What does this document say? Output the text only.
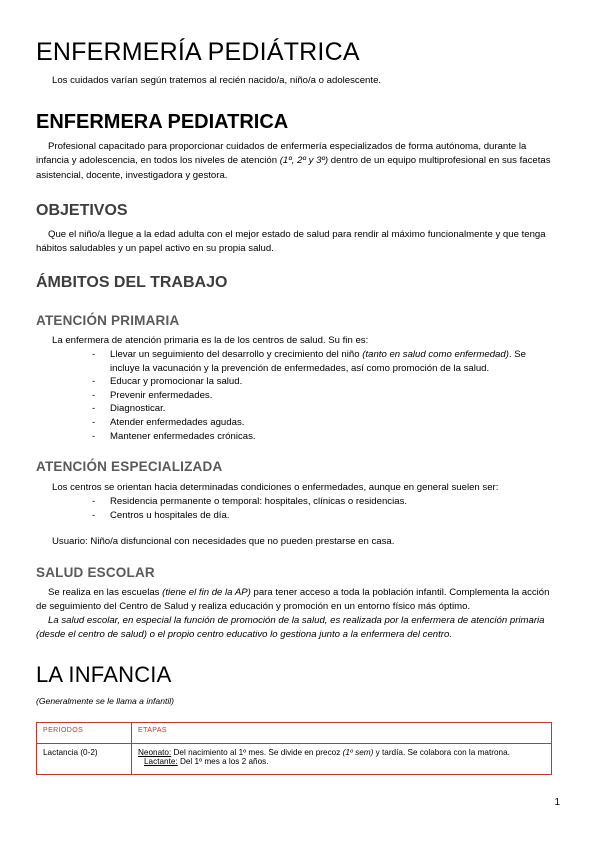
ENFERMERÍA PEDIÁTRICA

Los cuidados varían según tratemos al recién nacido/a, niño/a o adolescente.

ENFERMERA PEDIATRICA

Profesional capacitado para proporcionar cuidados de enfermería especializados de forma autónoma, durante la infancia y adolescencia, en todos los niveles de atención (1º, 2º y 3º) dentro de un equipo multiprofesional en sus facetas asistencial, docente, investigadora y gestora.

OBJETIVOS

Que el niño/a llegue a la edad adulta con el mejor estado de salud para rendir al máximo funcionalmente y que tenga hábitos saludables y un papel activo en su propia salud.

ÁMBITOS DEL TRABAJO
ATENCIÓN PRIMARIA

La enfermera de atención primaria es la de los centros de salud. Su fin es:

- Llevar un seguimiento del desarrollo y crecimiento del niño (tanto en salud como enfermedad). Se incluye la vacunación y la prevención de enfermedades, así como promoción de la salud.
- Educar y promocionar la salud.
- Prevenir enfermedades.
- Diagnosticar.
- Atender enfermedades agudas.
- Mantener enfermedades crónicas.
ATENCIÓN ESPECIALIZADA

Los centros se orientan hacia determinadas condiciones o enfermedades, aunque en general suelen ser:

- Residencia permanente o temporal: hospitales, clínicas o residencias.
- Centros u hospitales de día.

Usuario: Niño/a disfuncional con necesidades que no pueden prestarse en casa.

SALUD ESCOLAR

Se realiza en las escuelas (tiene el fin de la AP) para tener acceso a toda la población infantil. Complementa la acción de seguimiento del Centro de Salud y realiza educación y promoción en un entorno físico más óptimo.

La salud escolar, en especial la función de promoción de la salud, es realizada por la enfermera de atención primaria (desde el centro de salud) o el propio centro educativo lo gestiona junto a la enfermera del centro.

LA INFANCIA

(Generalmente se le llama a infantil)

PERIODOS	ETAPAS
Lactancia (0-2)	Neonato: Del nacimiento al 1º mes. Se divide en precoz (1º sem) y tardía. Se colabora con la matrona.
Lactante: Del 1º mes a los 2 años.
1
